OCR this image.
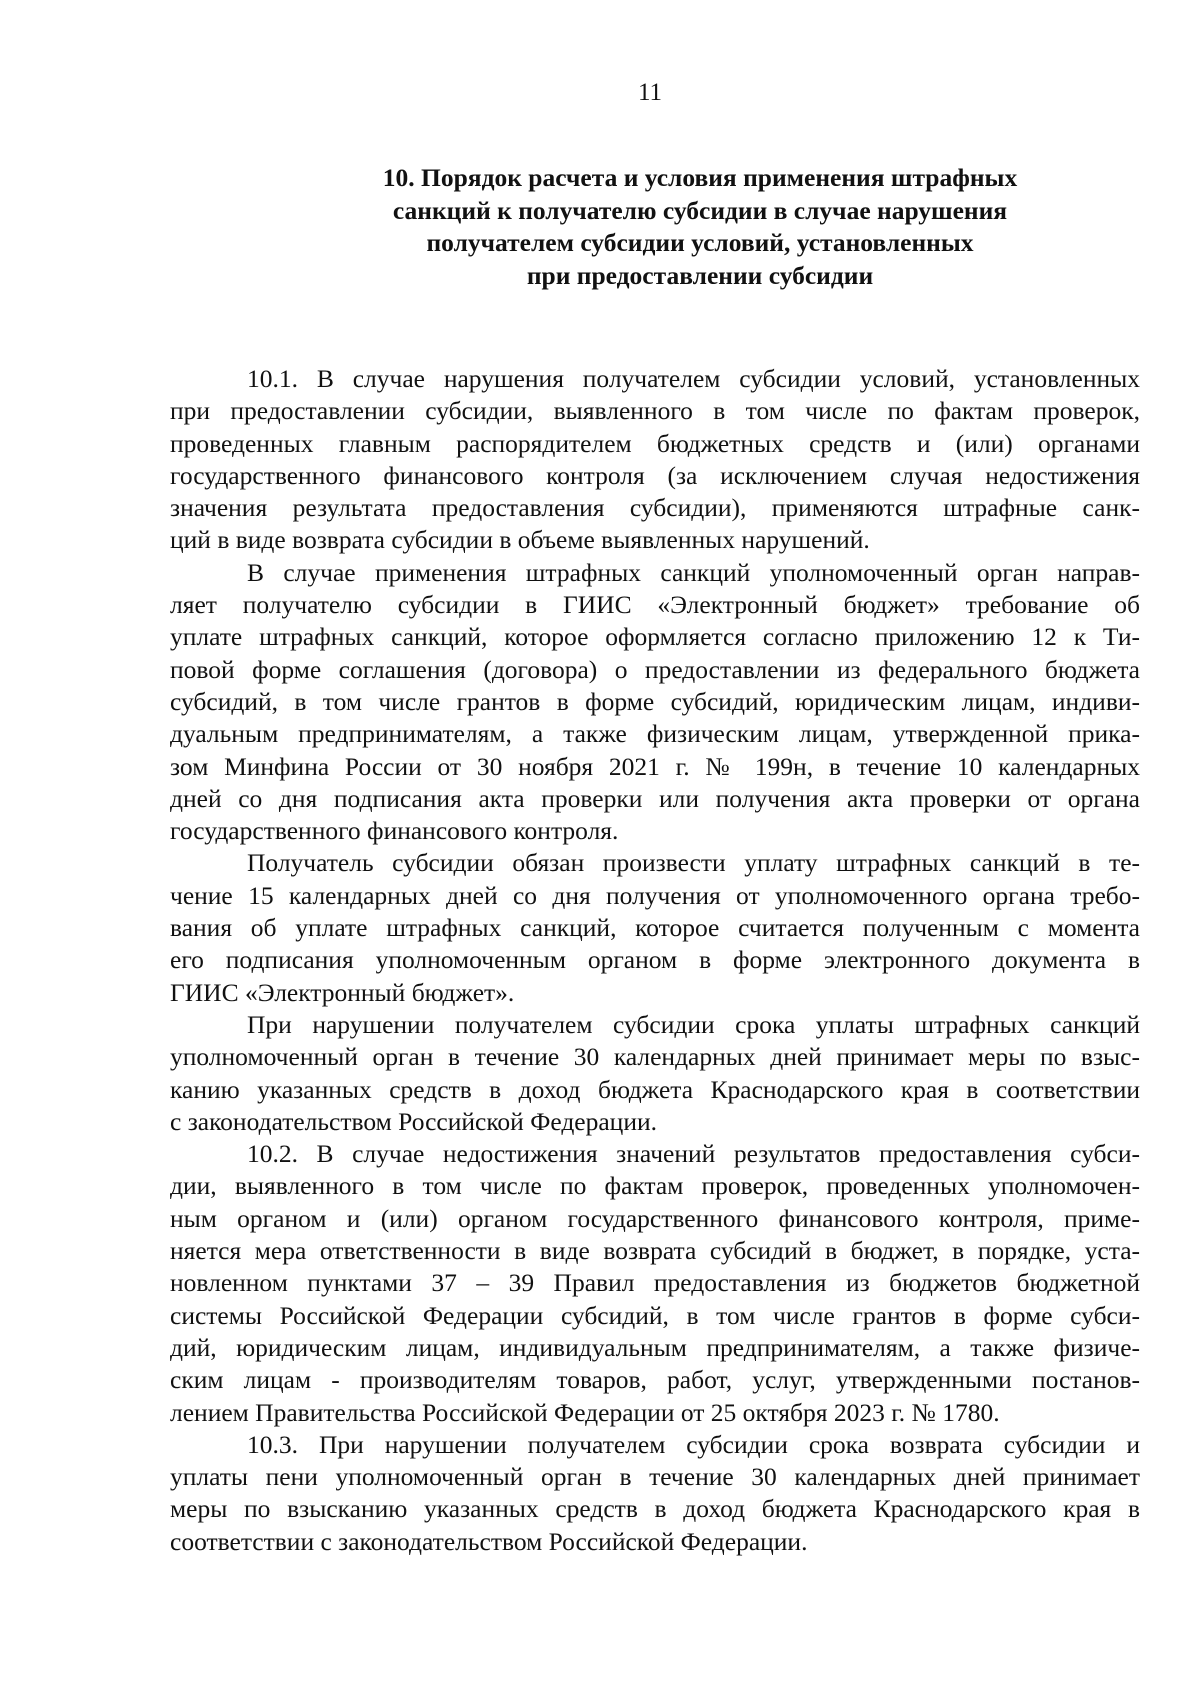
11
10. Порядок расчета и условия применения штрафных
санкций к получателю субсидии в случае нарушения
получателем субсидии условий, установленных
при предоставлении субсидии

10.1. В случае нарушения получателем субсидии условий, установленных
при предоставлении субсидии, выявленного в том числе по фактам проверок,
проведенных главным распорядителем бюджетных средств и (или) органами
государственного финансового контроля (за исключением случая недостижения
значения результата предоставления субсидии), применяются штрафные санк-
ций в виде возврата субсидии в объеме выявленных нарушений.

В случае применения штрафных санкций уполномоченный орган направ-
ляет получателю субсидии в ГИИС «Электронный бюджет» требование об
уплате штрафных санкций, которое оформляется согласно приложению 12 к Ти-
повой форме соглашения (договора) о предоставлении из федерального бюджета
субсидий, в том числе грантов в форме субсидий, юридическим лицам, индиви-
дуальным предпринимателям, а также физическим лицам, утвержденной прика-
зом Минфина России от 30 ноября 2021 г. № 199н, в течение 10 календарных
дней со дня подписания акта проверки или получения акта проверки от органа
государственного финансового контроля.

Получатель субсидии обязан произвести уплату штрафных санкций в те-
чение 15 календарных дней со дня получения от уполномоченного органа требо-
вания об уплате штрафных санкций, которое считается полученным с момента
его подписания уполномоченным органом в форме электронного документа в
ГИИС «Электронный бюджет».

При нарушении получателем субсидии срока уплаты штрафных санкций
уполномоченный орган в течение 30 календарных дней принимает меры по взыс-
канию указанных средств в доход бюджета Краснодарского края в соответствии
с законодательством Российской Федерации.

10.2. В случае недостижения значений результатов предоставления субси-
дии, выявленного в том числе по фактам проверок, проведенных уполномочен-
ным органом и (или) органом государственного финансового контроля, приме-
няется мера ответственности в виде возврата субсидий в бюджет, в порядке, уста-
новленном пунктами 37 – 39 Правил предоставления из бюджетов бюджетной
системы Российской Федерации субсидий, в том числе грантов в форме субси-
дий, юридическим лицам, индивидуальным предпринимателям, а также физиче-
ским лицам - производителям товаров, работ, услуг, утвержденными постанов-
лением Правительства Российской Федерации от 25 октября 2023 г. № 1780.

10.3. При нарушении получателем субсидии срока возврата субсидии и
уплаты пени уполномоченный орган в течение 30 календарных дней принимает
меры по взысканию указанных средств в доход бюджета Краснодарского края в
соответствии с законодательством Российской Федерации.
